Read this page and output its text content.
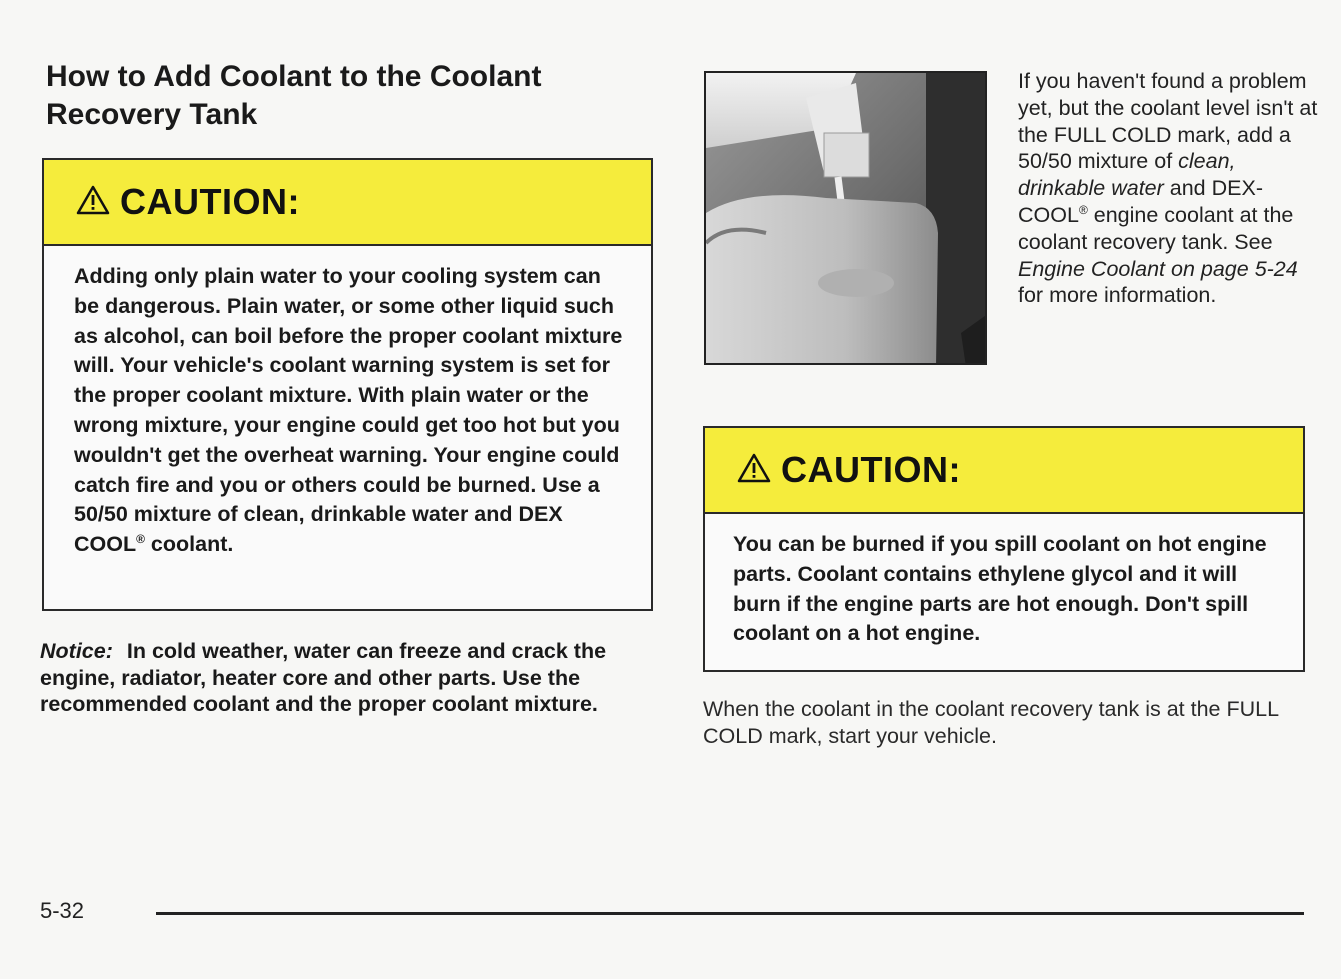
How to Add Coolant to the Coolant
Recovery Tank
CAUTION:
Adding only plain water to your cooling system can be dangerous. Plain water, or some other liquid such as alcohol, can boil before the proper coolant mixture will. Your vehicle's coolant warning system is set for the proper coolant mixture. With plain water or the wrong mixture, your engine could get too hot but you wouldn't get the overheat warning. Your engine could catch fire and you or others could be burned. Use a 50/50 mixture of clean, drinkable water and DEX COOL® coolant.
Notice: In cold weather, water can freeze and crack the engine, radiator, heater core and other parts. Use the recommended coolant and the proper coolant mixture.
If you haven't found a problem yet, but the coolant level isn't at the FULL COLD mark, add a 50/50 mixture of clean, drinkable water and DEX-COOL® engine coolant at the coolant recovery tank. See Engine Coolant on page 5-24 for more information.
CAUTION:
You can be burned if you spill coolant on hot engine parts. Coolant contains ethylene glycol and it will burn if the engine parts are hot enough. Don't spill coolant on a hot engine.
When the coolant in the coolant recovery tank is at the FULL COLD mark, start your vehicle.
5-32
